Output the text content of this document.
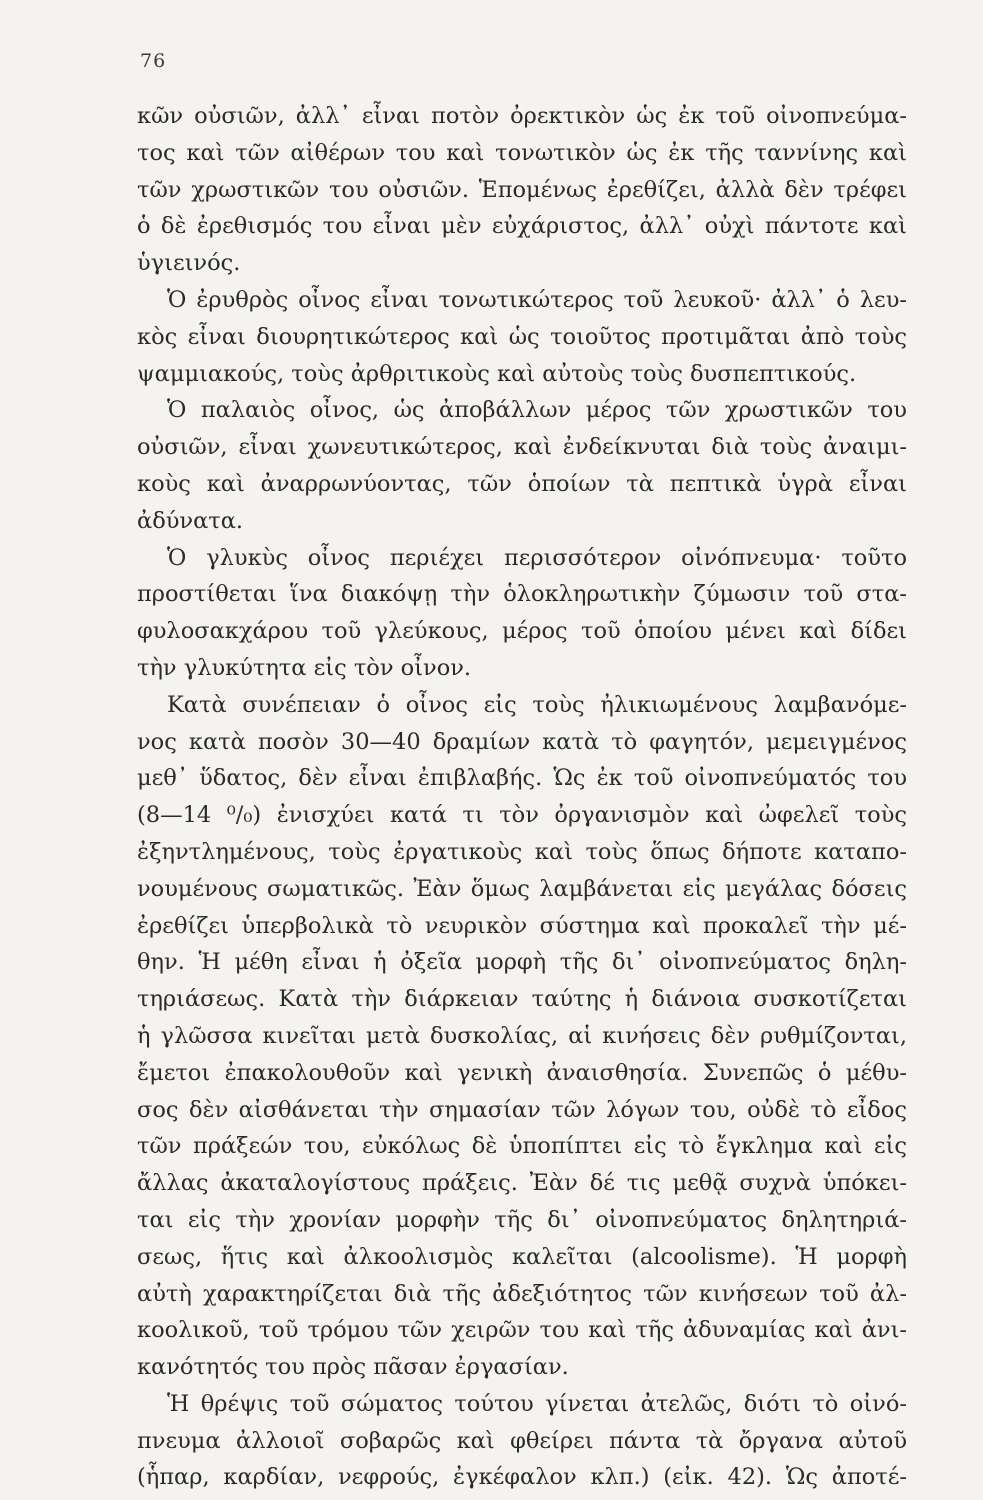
76
κῶν οὐσιῶν, ἀλλ᾽ εἶναι ποτὸν ὀρεκτικὸν ὡς ἐκ τοῦ οἰνοπνεύμα-
τος καὶ τῶν αἰθέρων του καὶ τονωτικὸν ὡς ἐκ τῆς ταννίνης καὶ
τῶν χρωστικῶν του οὐσιῶν. Ἑπομένως ἐρεθίζει, ἀλλὰ δὲν τρέφει
ὁ δὲ ἐρεθισμός του εἶναι μὲν εὐχάριστος, ἀλλ᾽ οὐχὶ πάντοτε καὶ
ὑγιεινός.
Ὁ ἐρυθρὸς οἶνος εἶναι τονωτικώτερος τοῦ λευκοῦ· ἀλλ᾽ ὁ λευ-
κὸς εἶναι διουρητικώτερος καὶ ὡς τοιοῦτος προτιμᾶται ἀπὸ τοὺς
ψαμμιακούς, τοὺς ἀρθριτικοὺς καὶ αὐτοὺς τοὺς δυσπεπτικούς.
Ὁ παλαιὸς οἶνος, ὡς ἀποβάλλων μέρος τῶν χρωστικῶν του
οὐσιῶν, εἶναι χωνευτικώτερος, καὶ ἐνδείκνυται διὰ τοὺς ἀναιμι-
κοὺς καὶ ἀναρρωνύοντας, τῶν ὁποίων τὰ πεπτικὰ ὑγρὰ εἶναι
ἀδύνατα.
Ὁ γλυκὺς οἶνος περιέχει περισσότερον οἰνόπνευμα· τοῦτο
προστίθεται ἵνα διακόψῃ τὴν ὁλοκληρωτικὴν ζύμωσιν τοῦ στα-
φυλοσακχάρου τοῦ γλεύκους, μέρος τοῦ ὁποίου μένει καὶ δίδει
τὴν γλυκύτητα εἰς τὸν οἶνον.
Κατὰ συνέπειαν ὁ οἶνος εἰς τοὺς ἠλικιωμένους λαμβανόμε-
νος κατὰ ποσὸν 30—40 δραμίων κατὰ τὸ φαγητόν, μεμειγμένος
μεθ᾽ ὕδατος, δὲν εἶναι ἐπιβλαβής. Ὡς ἐκ τοῦ οἰνοπνεύματός του
(8—14 ⁰/₀) ἐνισχύει κατά τι τὸν ὀργανισμὸν καὶ ὠφελεῖ τοὺς
ἐξηντλημένους, τοὺς ἐργατικοὺς καὶ τοὺς ὅπως δήποτε καταπο-
νουμένους σωματικῶς. Ἐὰν ὅμως λαμβάνεται εἰς μεγάλας δόσεις
ἐρεθίζει ὑπερβολικὰ τὸ νευρικὸν σύστημα καὶ προκαλεῖ τὴν μέ-
θην. Ἡ μέθη εἶναι ἡ ὀξεῖα μορφὴ τῆς δι᾽ οἰνοπνεύματος δηλη-
τηριάσεως. Κατὰ τὴν διάρκειαν ταύτης ἡ διάνοια συσκοτίζεται
ἡ γλῶσσα κινεῖται μετὰ δυσκολίας, αἱ κινήσεις δὲν ρυθμίζονται,
ἔμετοι ἐπακολουθοῦν καὶ γενικὴ ἀναισθησία. Συνεπῶς ὁ μέθυ-
σος δὲν αἰσθάνεται τὴν σημασίαν τῶν λόγων του, οὐδὲ τὸ εἶδος
τῶν πράξεών του, εὐκόλως δὲ ὑποπίπτει εἰς τὸ ἔγκλημα καὶ εἰς
ἄλλας ἀκαταλογίστους πράξεις. Ἐὰν δέ τις μεθᾷ συχνὰ ὑπόκει-
ται εἰς τὴν χρονίαν μορφὴν τῆς δι᾽ οἰνοπνεύματος δηλητηριά-
σεως, ἥτις καὶ ἀλκοολισμὸς καλεῖται (alcoolisme). Ἡ μορφὴ
αὐτὴ χαρακτηρίζεται διὰ τῆς ἀδεξιότητος τῶν κινήσεων τοῦ ἀλ-
κοολικοῦ, τοῦ τρόμου τῶν χειρῶν του καὶ τῆς ἀδυναμίας καὶ ἀνι-
κανότητός του πρὸς πᾶσαν ἐργασίαν.
Ἡ θρέψις τοῦ σώματος τούτου γίνεται ἀτελῶς, διότι τὸ οἰνό-
πνευμα ἀλλοιοῖ σοβαρῶς καὶ φθείρει πάντα τὰ ὄργανα αὐτοῦ
(ἧπαρ, καρδίαν, νεφρούς, ἐγκέφαλον κλπ.) (εἰκ. 42). Ὡς ἀποτέ-
